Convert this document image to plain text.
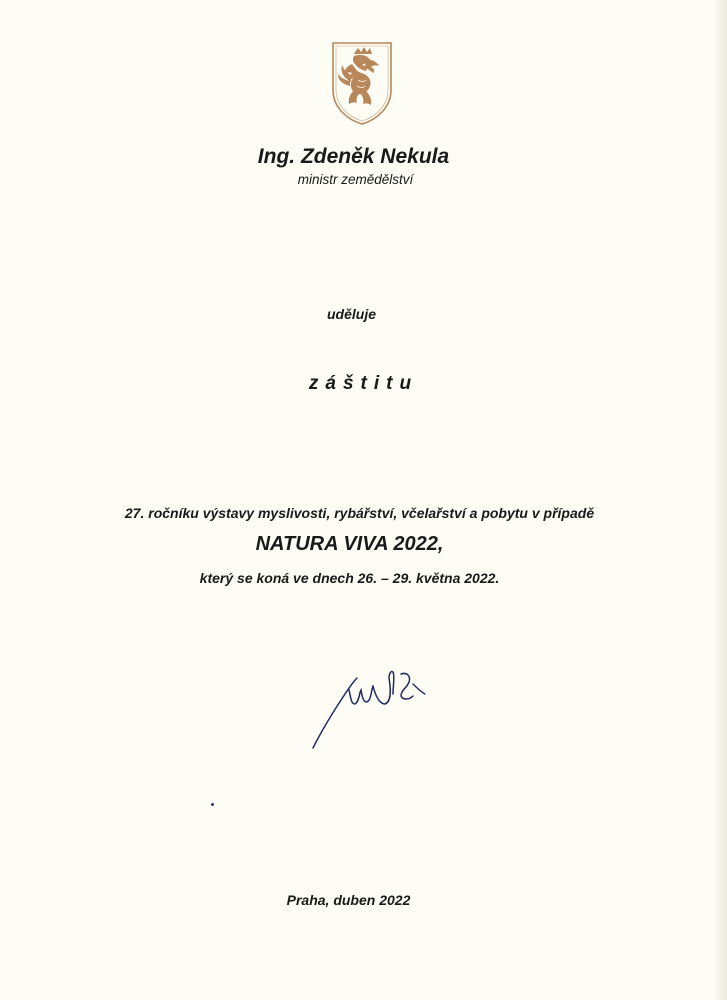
Ing. Zdeněk Nekula
ministr zemědělství
uděluje
záštitu
27. ročníku výstavy myslivosti, rybářství, včelařství a pobytu v případě
NATURA VIVA 2022,
který se koná ve dnech 26. – 29. května 2022.
Praha, duben 2022
